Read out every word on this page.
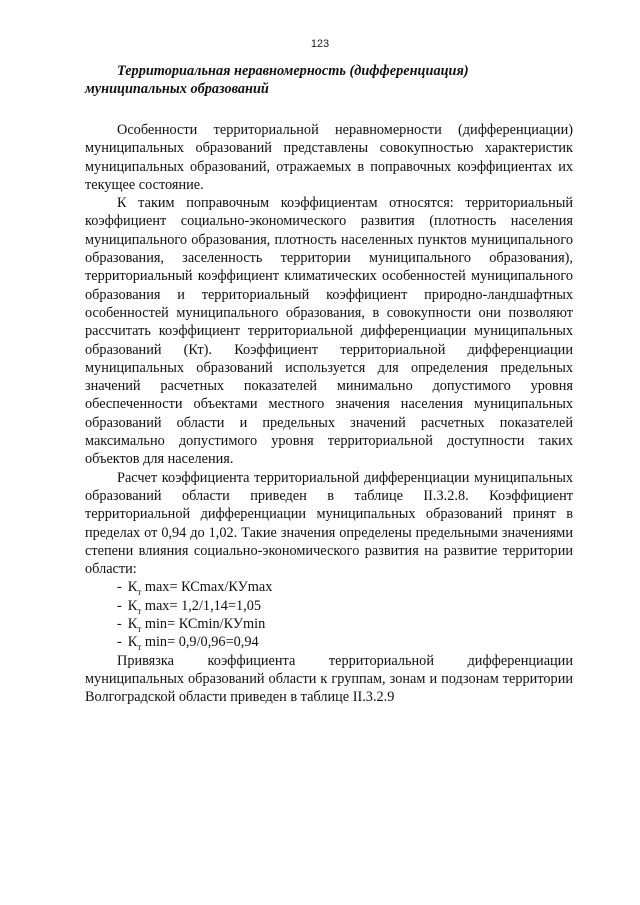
123
Территориальная неравномерность (дифференциация)
муниципальных образований

Особенности территориальной неравномерности (дифференциации) муниципальных образований представлены совокупностью характеристик муниципальных образований, отражаемых в поправочных коэффициентах их текущее состояние.

К таким поправочным коэффициентам относятся: территориальный коэффициент социально-экономического развития (плотность населения муниципального образования, плотность населенных пунктов муниципального образования, заселенность территории муниципального образования), территориальный коэффициент климатических особенностей муниципального образования и территориальный коэффициент природно-ландшафтных особенностей муниципального образования, в совокупности они позволяют рассчитать коэффициент территориальной дифференциации муниципальных образований (Кт). Коэффициент территориальной дифференциации муниципальных образований используется для определения предельных значений расчетных показателей минимально допустимого уровня обеспеченности объектами местного значения населения муниципальных образований области и предельных значений расчетных показателей максимально допустимого уровня территориальной доступности таких объектов для населения.

Расчет коэффициента территориальной дифференциации муниципальных образований области приведен в таблице II.3.2.8. Коэффициент территориальной дифференциации муниципальных образований принят в пределах от 0,94 до 1,02. Такие значения определены предельными значениями степени влияния социально-экономического развития на развитие территории области:

- $К_т$ max= КСmax/КУmax
- $К_т$ max= 1,2/1,14=1,05
- $К_т$ min= КСmin/КУmin
- $К_т$ min= 0,9/0,96=0,94

Привязка коэффициента территориальной дифференциации муниципальных образований области к группам, зонам и подзонам территории Волгоградской области приведен в таблице II.3.2.9
